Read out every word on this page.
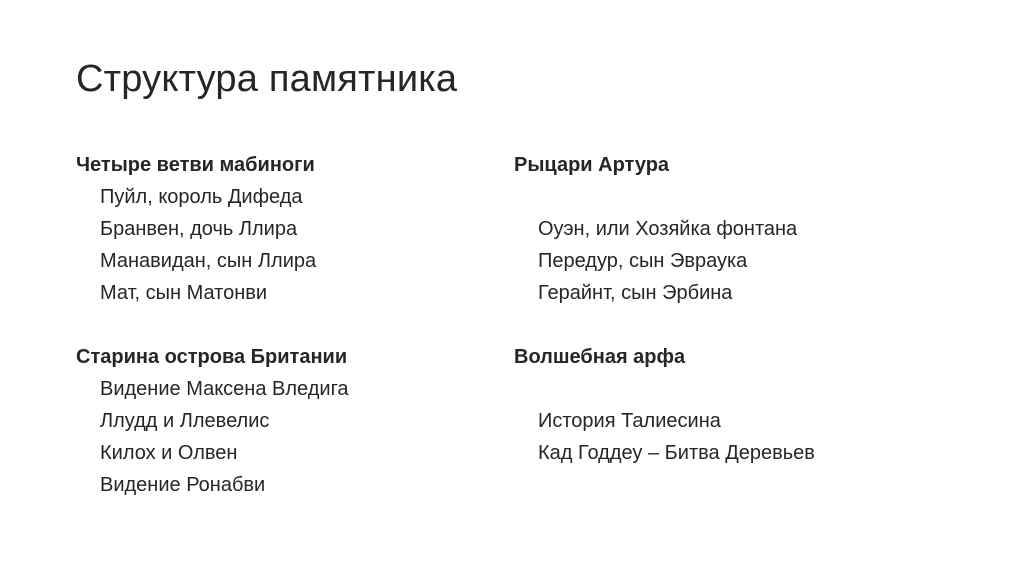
Структура памятника
Четыре ветви мабиноги
Пуйл, король Дифеда
Бранвен, дочь Ллира
Манавидан, сын Ллира
Мат, сын Матонви
Старина острова Британии
Видение Максена Вледига
Ллудд и Ллевелис
Килох и Олвен
Видение Ронабви
Рыцари Артура
Оуэн, или Хозяйка фонтана
Передур, сын Эвраука
Герайнт, сын Эрбина
Волшебная арфа
История Талиесина
Кад Годдеу – Битва Деревьев
